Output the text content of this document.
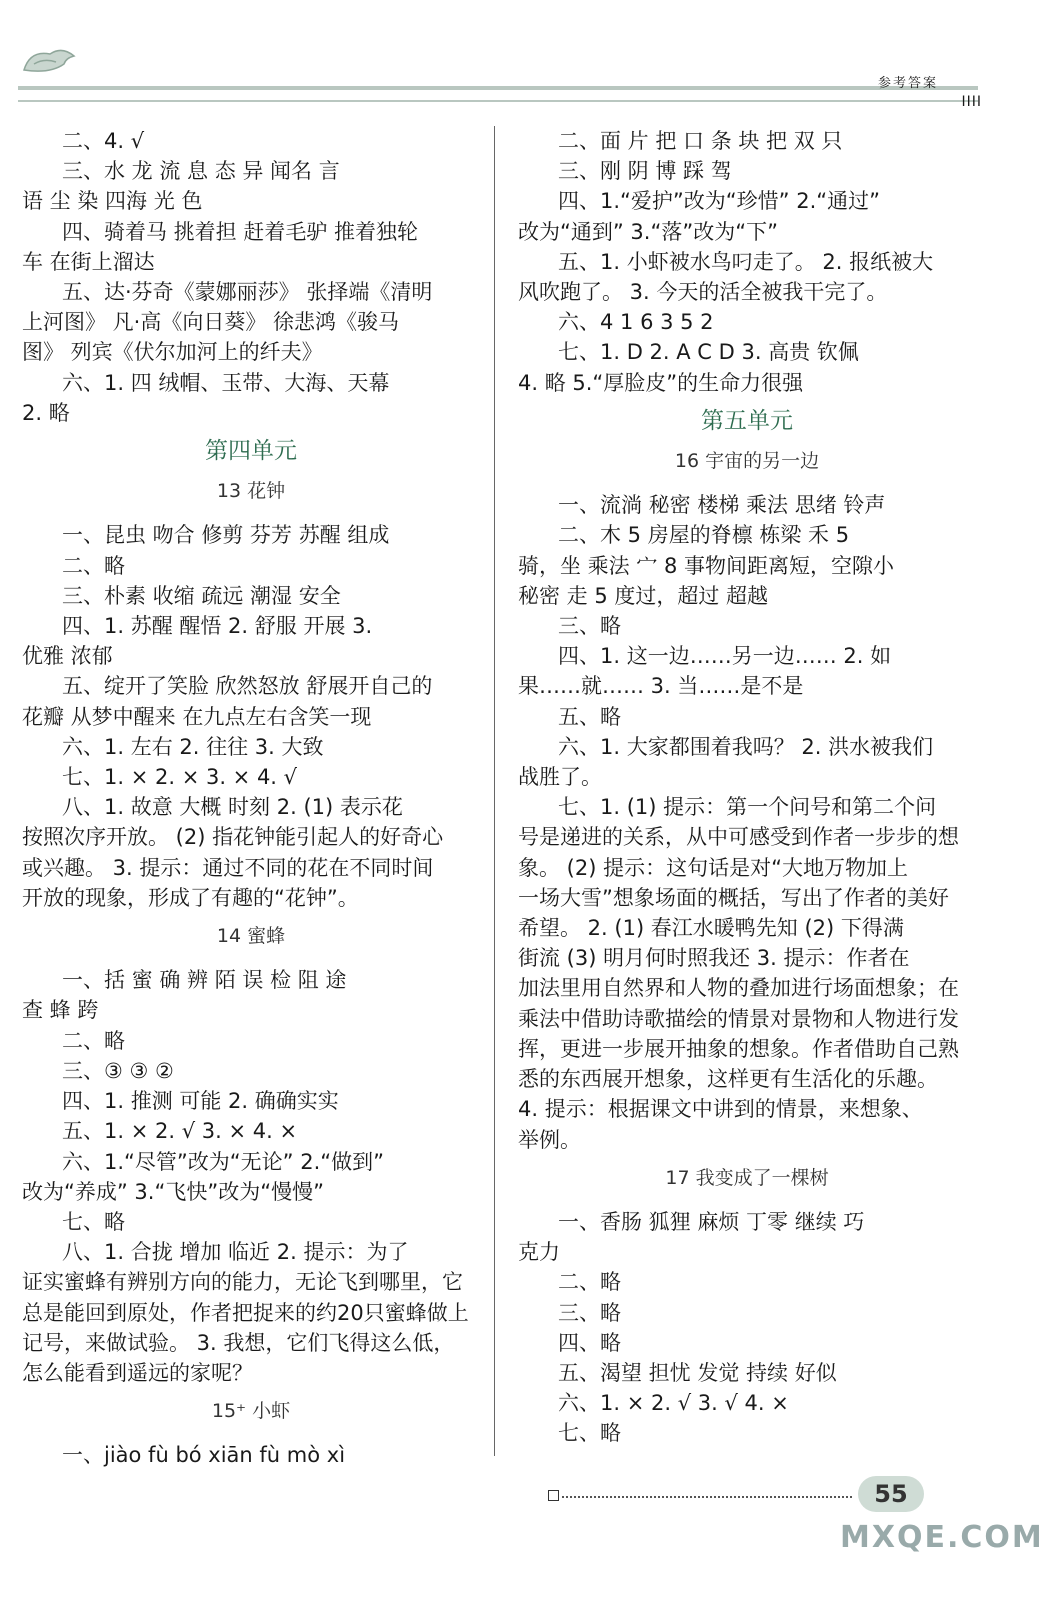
参考答案
IIII
二、4. √
三、水 龙 流 息 态 异 闻名 言
语 尘 染 四海 光 色
四、骑着马 挑着担 赶着毛驴 推着独轮
车 在街上溜达
五、达·芬奇《蒙娜丽莎》 张择端《清明
上河图》 凡·高《向日葵》 徐悲鸿《骏马
图》 列宾《伏尔加河上的纤夫》
六、1. 四 绒帽、玉带、大海、天幕
2. 略
第四单元
13 花钟
一、昆虫 吻合 修剪 芬芳 苏醒 组成
二、略
三、朴素 收缩 疏远 潮湿 安全
四、1. 苏醒 醒悟 2. 舒服 开展 3.
优雅 浓郁
五、绽开了笑脸 欣然怒放 舒展开自己的
花瓣 从梦中醒来 在九点左右含笑一现
六、1. 左右 2. 往往 3. 大致
七、1. × 2. × 3. × 4. √
八、1. 故意 大概 时刻 2. (1) 表示花
按照次序开放。 (2) 指花钟能引起人的好奇心
或兴趣。 3. 提示：通过不同的花在不同时间
开放的现象，形成了有趣的“花钟”。
14 蜜蜂
一、括 蜜 确 辨 陌 误 检 阻 途
查 蜂 跨
二、略
三、③ ③ ②
四、1. 推测 可能 2. 确确实实
五、1. × 2. √ 3. × 4. ×
六、1.“尽管”改为“无论” 2.“做到”
改为“养成” 3.“飞快”改为“慢慢”
七、略
八、1. 合拢 增加 临近 2. 提示：为了
证实蜜蜂有辨别方向的能力，无论飞到哪里，它
总是能回到原处，作者把捉来的约20只蜜蜂做上
记号，来做试验。 3. 我想，它们飞得这么低，
怎么能看到遥远的家呢？
15⁺ 小虾
一、jiào fù bó xiān fù mò xì
二、面 片 把 口 条 块 把 双 只
三、刚 阴 博 踩 驾
四、1.“爱护”改为“珍惜” 2.“通过”
改为“通到” 3.“落”改为“下”
五、1. 小虾被水鸟叼走了。 2. 报纸被大
风吹跑了。 3. 今天的活全被我干完了。
六、4 1 6 3 5 2
七、1. D 2. A C D 3. 高贵 钦佩
4. 略 5.“厚脸皮”的生命力很强
第五单元
16 宇宙的另一边
一、流淌 秘密 楼梯 乘法 思绪 铃声
二、木 5 房屋的脊檩 栋梁 禾 5
骑，坐 乘法 宀 8 事物间距离短，空隙小
秘密 走 5 度过，超过 超越
三、略
四、1. 这一边……另一边…… 2. 如
果……就…… 3. 当……是不是
五、略
六、1. 大家都围着我吗？ 2. 洪水被我们
战胜了。
七、1. (1) 提示：第一个问号和第二个问
号是递进的关系，从中可感受到作者一步步的想
象。 (2) 提示：这句话是对“大地万物加上
一场大雪”想象场面的概括，写出了作者的美好
希望。 2. (1) 春江水暖鸭先知 (2) 下得满
街流 (3) 明月何时照我还 3. 提示：作者在
加法里用自然界和人物的叠加进行场面想象；在
乘法中借助诗歌描绘的情景对景物和人物进行发
挥，更进一步展开抽象的想象。作者借助自己熟
悉的东西展开想象，这样更有生活化的乐趣。
4. 提示：根据课文中讲到的情景，来想象、
举例。
17 我变成了一棵树
一、香肠 狐狸 麻烦 丁零 继续 巧
克力
二、略
三、略
四、略
五、渴望 担忧 发觉 持续 好似
六、1. × 2. √ 3. √ 4. ×
七、略
55
MXQE.COM
